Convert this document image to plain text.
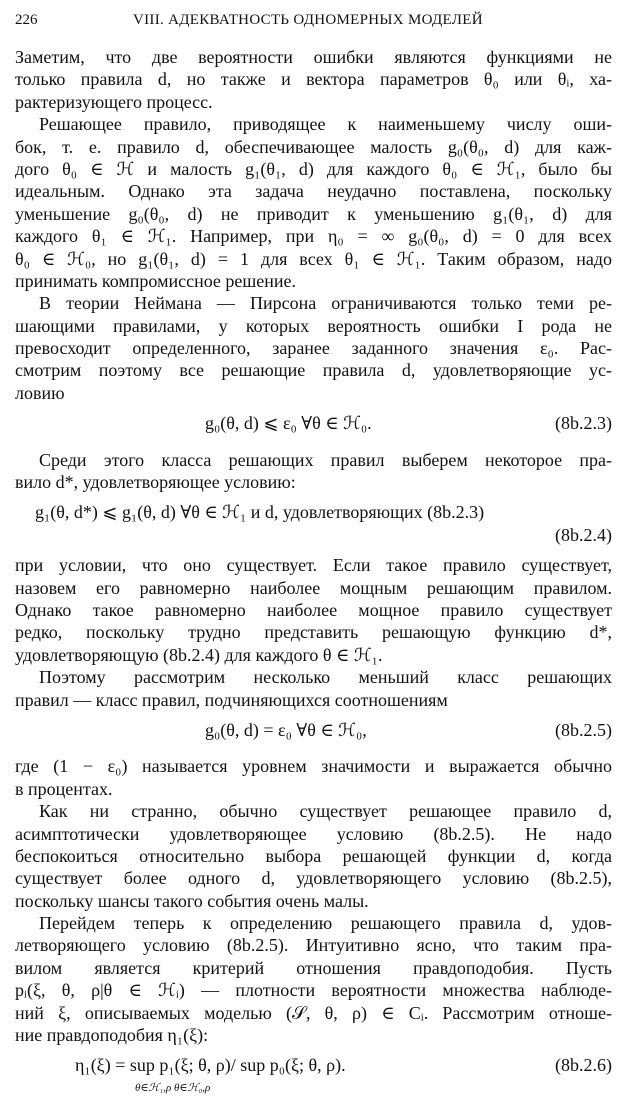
226	VIII. АДЕКВАТНОСТЬ ОДНОМЕРНЫХ МОДЕЛЕЙ
Заметим, что две вероятности ошибки являются функциями не
только правила d, но также и вектора параметров θ₀ или θᵢ, ха-
рактеризующего процесс.
Решающее правило, приводящее к наименьшему числу оши-
бок, т. е. правило d, обеспечивающее малость g₀(θ₀, d) для каж-
дого θ₀ ∈ ℋ и малость g₁(θ₁, d) для каждого θ₀ ∈ ℋ₁, было бы
идеальным. Однако эта задача неудачно поставлена, поскольку
уменьшение g₀(θ₀, d) не приводит к уменьшению g₁(θ₁, d) для
каждого θ₁ ∈ ℋ₁. Например, при η₀ = ∞ g₀(θ₀, d) = 0 для всех
θ₀ ∈ ℋ₀, но g₁(θ₁, d) = 1 для всех θ₁ ∈ ℋ₁. Таким образом, надо
принимать компромиссное решение.
В теории Неймана — Пирсона ограничиваются только теми ре-
шающими правилами, у которых вероятность ошибки I рода не
превосходит определенного, заранее заданного значения ε₀. Рас-
смотрим поэтому все решающие правила d, удовлетворяющие ус-
ловию
g₀(θ, d) ⩽ ε₀ ∀θ ∈ ℋ₀.	(8b.2.3)
Среди этого класса решающих правил выберем некоторое пра-
вило d*, удовлетворяющее условию:
g₁(θ, d*) ⩽ g₁(θ, d) ∀θ ∈ ℋ₁ и d, удовлетворяющих (8b.2.3)
(8b.2.4)
при условии, что оно существует. Если такое правило существует,
назовем его равномерно наиболее мощным решающим правилом.
Однако такое равномерно наиболее мощное правило существует
редко, поскольку трудно представить решающую функцию d*,
удовлетворяющую (8b.2.4) для каждого θ ∈ ℋ₁.
Поэтому рассмотрим несколько меньший класс решающих
правил — класс правил, подчиняющихся соотношениям
g₀(θ, d) = ε₀ ∀θ ∈ ℋ₀,	(8b.2.5)
где (1 − ε₀) называется уровнем значимости и выражается обычно
в процентах.
Как ни странно, обычно существует решающее правило d,
асимптотически удовлетворяющее условию (8b.2.5). Не надо
беспокоиться относительно выбора решающей функции d, когда
существует более одного d, удовлетворяющего условию (8b.2.5),
поскольку шансы такого события очень малы.
Перейдем теперь к определению решающего правила d, удов-
летворяющего условию (8b.2.5). Интуитивно ясно, что таким пра-
вилом является критерий отношения правдоподобия. Пусть
pᵢ(ξ, θ, ρ|θ ∈ ℋᵢ) — плотности вероятности множества наблюде-
ний ξ, описываемых моделью (𝒮, θ, ρ) ∈ Cᵢ. Рассмотрим отноше-
ние правдоподобия η₁(ξ):
η₁(ξ) = sup p₁(ξ; θ, ρ)/ sup p₀(ξ; θ, ρ).	(8b.2.6)
θ∈ℋ₁,ρ θ∈ℋ₀,ρ
